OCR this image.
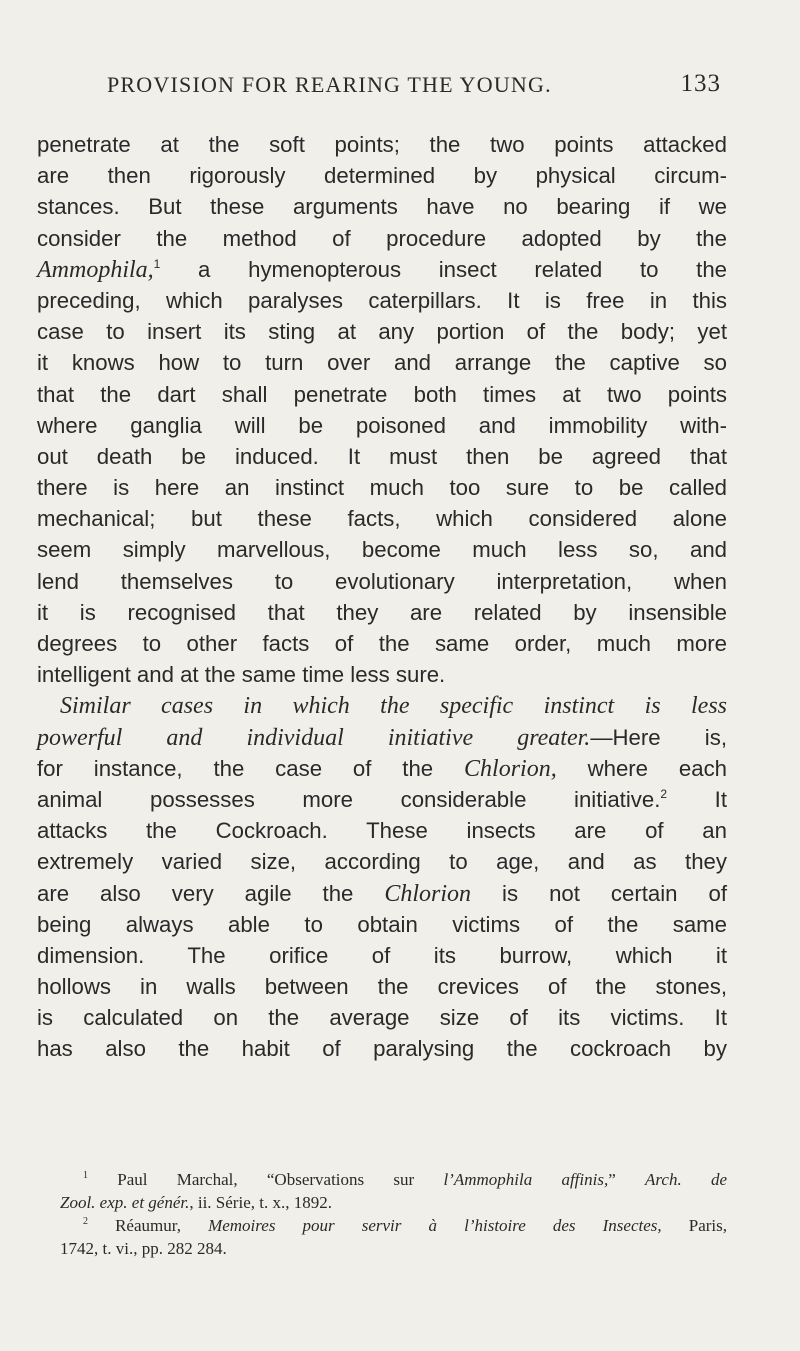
PROVISION FOR REARING THE YOUNG.	133
penetrate at the soft points; the two points attacked
are then rigorously determined by physical circum-
stances. But these arguments have no bearing if we
consider the method of procedure adopted by the
Ammophila,$^1$ a hymenopterous insect related to the
preceding, which paralyses caterpillars. It is free in this
case to insert its sting at any portion of the body; yet
it knows how to turn over and arrange the captive so
that the dart shall penetrate both times at two points
where ganglia will be poisoned and immobility with-
out death be induced. It must then be agreed that
there is here an instinct much too sure to be called
mechanical; but these facts, which considered alone
seem simply marvellous, become much less so, and
lend themselves to evolutionary interpretation, when
it is recognised that they are related by insensible
degrees to other facts of the same order, much more
intelligent and at the same time less sure.
Similar cases in which the specific instinct is less
powerful and individual initiative greater.—Here is,
for instance, the case of the Chlorion, where each
animal possesses more considerable initiative.$^2$ It
attacks the Cockroach. These insects are of an
extremely varied size, according to age, and as they
are also very agile the Chlorion is not certain of
being always able to obtain victims of the same
dimension. The orifice of its burrow, which it
hollows in walls between the crevices of the stones,
is calculated on the average size of its victims. It
has also the habit of paralysing the cockroach by
$^1$ Paul Marchal, “Observations sur l’Ammophila affinis,” Arch. de
Zool. exp. et génér., ii. Série, t. x., 1892.
$^2$ Réaumur, Memoires pour servir à l’histoire des Insectes, Paris,
1742, t. vi., pp. 282 284.
